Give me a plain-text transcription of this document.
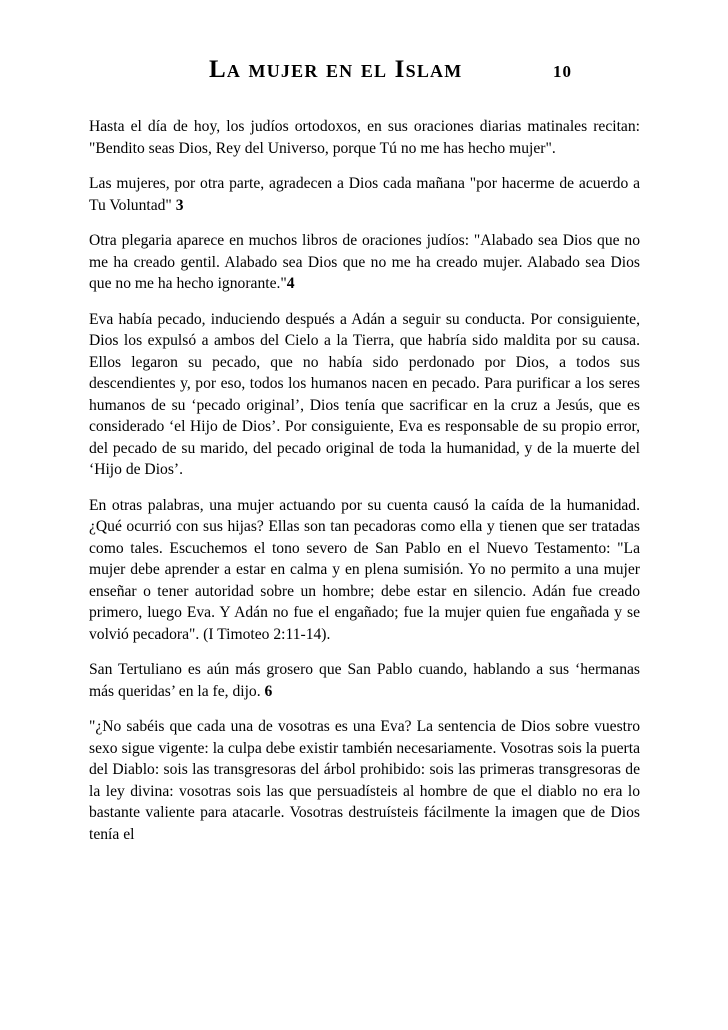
La mujer en el Islam	10

Hasta el día de hoy, los judíos ortodoxos, en sus oraciones diarias matinales recitan: "Bendito seas Dios, Rey del Universo, porque Tú no me has hecho mujer".

Las mujeres, por otra parte, agradecen a Dios cada mañana "por hacerme de acuerdo a Tu Voluntad" 3

Otra plegaria aparece en muchos libros de oraciones judíos: "Alabado sea Dios que no me ha creado gentil. Alabado sea Dios que no me ha creado mujer. Alabado sea Dios que no me ha hecho ignorante."4

Eva había pecado, induciendo después a Adán a seguir su conducta. Por consiguiente, Dios los expulsó a ambos del Cielo a la Tierra, que habría sido maldita por su causa. Ellos legaron su pecado, que no había sido perdonado por Dios, a todos sus descendientes y, por eso, todos los humanos nacen en pecado. Para purificar a los seres humanos de su ‘pecado original’, Dios tenía que sacrificar en la cruz a Jesús, que es considerado ‘el Hijo de Dios’. Por consiguiente, Eva es responsable de su propio error, del pecado de su marido, del pecado original de toda la humanidad, y de la muerte del ‘Hijo de Dios’.

En otras palabras, una mujer actuando por su cuenta causó la caída de la humanidad. ¿Qué ocurrió con sus hijas? Ellas son tan pecadoras como ella y tienen que ser tratadas como tales. Escuchemos el tono severo de San Pablo en el Nuevo Testamento: "La mujer debe aprender a estar en calma y en plena sumisión. Yo no permito a una mujer enseñar o tener autoridad sobre un hombre; debe estar en silencio. Adán fue creado primero, luego Eva. Y Adán no fue el engañado; fue la mujer quien fue engañada y se volvió pecadora". (I Timoteo 2:11-14).

San Tertuliano es aún más grosero que San Pablo cuando, hablando a sus ‘hermanas más queridas’ en la fe, dijo. 6

"¿No sabéis que cada una de vosotras es una Eva? La sentencia de Dios sobre vuestro sexo sigue vigente: la culpa debe existir también necesariamente. Vosotras sois la puerta del Diablo: sois las transgresoras del árbol prohibido: sois las primeras transgresoras de la ley divina: vosotras sois las que persuadísteis al hombre de que el diablo no era lo bastante valiente para atacarle. Vosotras destruísteis fácilmente la imagen que de Dios tenía el
